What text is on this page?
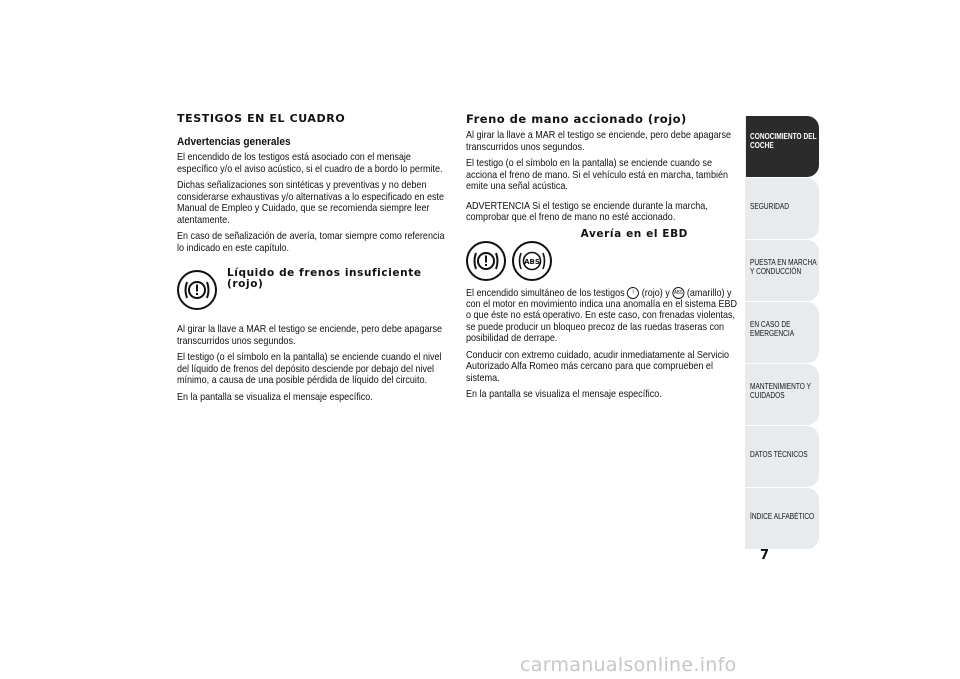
TESTIGOS EN EL CUADRO
Advertencias generales

El encendido de los testigos está asociado con el mensaje específico y/o el aviso acústico, si el cuadro de a bordo lo permite.

Dichas señalizaciones son sintéticas y preventivas y no deben considerarse exhaustivas y/o alternativas a lo especificado en este Manual de Empleo y Cuidado, que se recomienda siempre leer atentamente.

En caso de señalización de avería, tomar siempre como referencia lo indicado en este capítulo.

Líquido de frenos insuficiente
(rojo)

Al girar la llave a MAR el testigo se enciende, pero debe apagarse transcurridos unos segundos.

El testigo (o el símbolo en la pantalla) se enciende cuando el nivel del líquido de frenos del depósito desciende por debajo del nivel mínimo, a causa de una posible pérdida de líquido del circuito.

En la pantalla se visualiza el mensaje específico.

Freno de mano accionado (rojo)

Al girar la llave a MAR el testigo se enciende, pero debe apagarse transcurridos unos segundos.

El testigo (o el símbolo en la pantalla) se enciende cuando se acciona el freno de mano. Si el vehículo está en marcha, también emite una señal acústica.

ADVERTENCIA Si el testigo se enciende durante la marcha, comprobar que el freno de mano no esté accionado.

ABS
Avería en el EBD

El encendido simultáneo de los testigos ! (rojo) y ABS (amarillo) y con el motor en movimiento indica una anomalía en el sistema EBD o que éste no está operativo. En este caso, con frenadas violentas, se puede producir un bloqueo precoz de las ruedas traseras con posibilidad de derrape.

Conducir con extremo cuidado, acudir inmediatamente al Servicio Autorizado Alfa Romeo más cercano para que comprueben el sistema.

En la pantalla se visualiza el mensaje específico.

CONOCIMIENTO DEL COCHE
SEGURIDAD
PUESTA EN MARCHA Y CONDUCCIÓN
EN CASO DE EMERGENCIA
MANTENIMIENTO Y CUIDADOS
DATOS TÉCNICOS
ÍNDICE ALFABÉTICO
7
carmanualsonline.info
